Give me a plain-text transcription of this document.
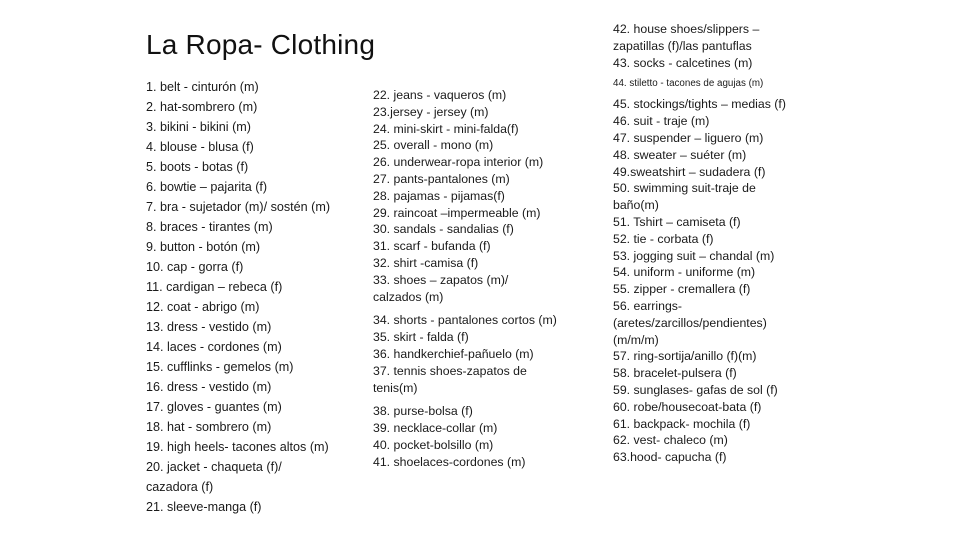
La Ropa- Clothing
1. belt - cinturón (m)
2. hat-sombrero (m)
3. bikini - bikini (m)
4. blouse - blusa (f)
5. boots - botas (f)
6. bowtie – pajarita (f)
7. bra - sujetador (m)/ sostén (m)
8. braces - tirantes (m)
9. button - botón (m)
10. cap - gorra (f)
11. cardigan – rebeca (f)
12. coat - abrigo (m)
13. dress - vestido (m)
14. laces - cordones (m)
15. cufflinks - gemelos (m)
16. dress - vestido (m)
17. gloves - guantes (m)
18. hat - sombrero (m)
19. high heels- tacones altos (m)
20. jacket - chaqueta (f)/
cazadora (f)
21. sleeve-manga (f)
22. jeans - vaqueros (m)
23.jersey - jersey (m)
24. mini-skirt - mini-falda(f)
25. overall - mono (m)
26. underwear-ropa interior (m)
27. pants-pantalones (m)
28. pajamas - pijamas(f)
29. raincoat –impermeable (m)
30. sandals - sandalias (f)
31. scarf - bufanda (f)
32. shirt -camisa (f)
33. shoes – zapatos (m)/
calzados (m)
34. shorts - pantalones cortos (m)
35. skirt - falda (f)
36. handkerchief-pañuelo (m)
37. tennis shoes-zapatos de
tenis(m)
38. purse-bolsa (f)
39. necklace-collar (m)
40. pocket-bolsillo (m)
41. shoelaces-cordones (m)
42. house shoes/slippers –
zapatillas (f)/las pantuflas
43. socks - calcetines (m)
44. stiletto - tacones de agujas (m)
45. stockings/tights – medias (f)
46. suit - traje (m)
47. suspender – liguero (m)
48. sweater – suéter (m)
49.sweatshirt – sudadera (f)
50. swimming suit-traje de
baño(m)
51. Tshirt – camiseta (f)
52. tie - corbata (f)
53. jogging suit – chandal (m)
54. uniform - uniforme (m)
55. zipper - cremallera (f)
56. earrings-
(aretes/zarcillos/pendientes)
(m/m/m)
57. ring-sortija/anillo (f)(m)
58. bracelet-pulsera (f)
59. sunglases- gafas de sol (f)
60. robe/housecoat-bata (f)
61. backpack- mochila (f)
62. vest- chaleco (m)
63.hood- capucha (f)
